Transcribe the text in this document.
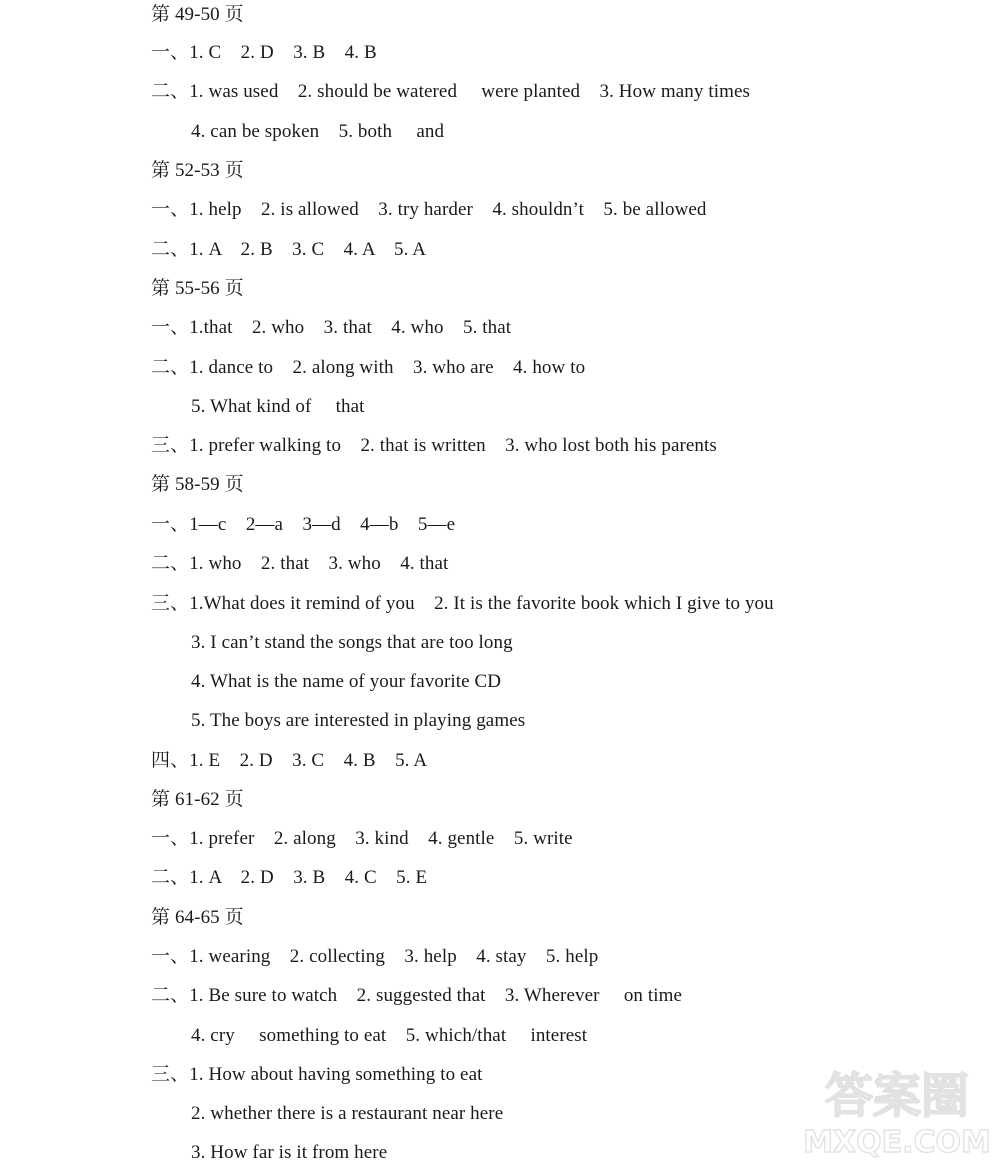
第 49-50 页
一、1. C    2. D    3. B    4. B
二、1. was used    2. should be watered     were planted    3. How many times
4. can be spoken    5. both     and
第 52-53 页
一、1. help    2. is allowed    3. try harder    4. shouldn’t    5. be allowed
二、1. A    2. B    3. C    4. A    5. A
第 55-56 页
一、1.that    2. who    3. that    4. who    5. that
二、1. dance to    2. along with    3. who are    4. how to
5. What kind of     that
三、1. prefer walking to    2. that is written    3. who lost both his parents
第 58-59 页
一、1—c    2—a    3—d    4—b    5—e
二、1. who    2. that    3. who    4. that
三、1.What does it remind of you    2. It is the favorite book which I give to you
3. I can’t stand the songs that are too long
4. What is the name of your favorite CD
5. The boys are interested in playing games
四、1. E    2. D    3. C    4. B    5. A
第 61-62 页
一、1. prefer    2. along    3. kind    4. gentle    5. write
二、1. A    2. D    3. B    4. C    5. E
第 64-65 页
一、1. wearing    2. collecting    3. help    4. stay    5. help
二、1. Be sure to watch    2. suggested that    3. Wherever     on time
4. cry     something to eat    5. which/that     interest
三、1. How about having something to eat
2. whether there is a restaurant near here
3. How far is it from here
答案圈
MXQE.COM
